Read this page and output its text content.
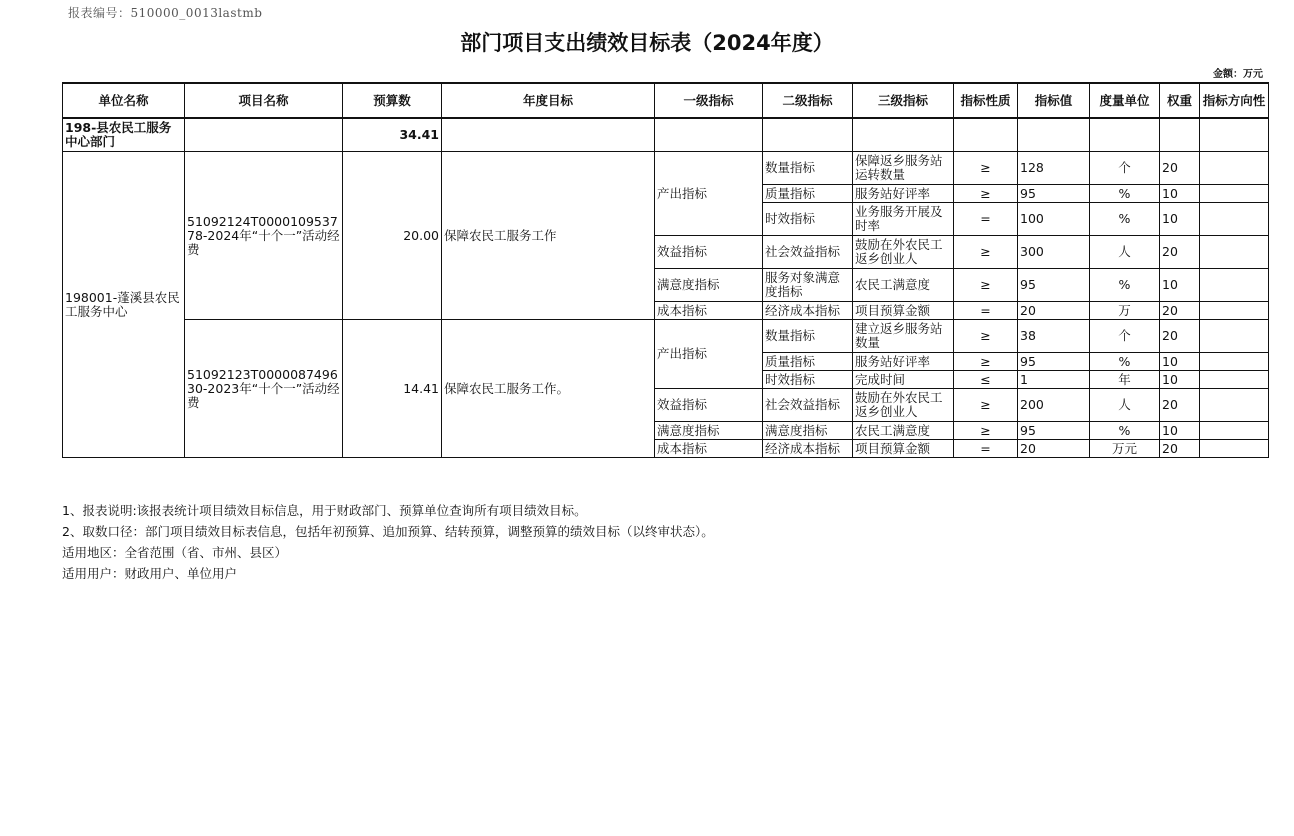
报表编号：510000_0013lastmb
部门项目支出绩效目标表（2024年度）
金额：万元
单位名称	项目名称	预算数	年度目标	一级指标	二级指标	三级指标	指标性质	指标值	度量单位	权重	指标方向性
198-县农民工服务中心部门		34.41									
198001-蓬溪县农民工服务中心	51092124T000010953778-2024年“十个一”活动经费	20.00	保障农民工服务工作	产出指标	数量指标	保障返乡服务站运转数量	≥	128	个	20	
					质量指标	服务站好评率	≥	95	%	10	
					时效指标	业务服务开展及时率	=	100	%	10	
				效益指标	社会效益指标	鼓励在外农民工返乡创业人	≥	300	人	20	
				满意度指标	服务对象满意度指标	农民工满意度	≥	95	%	10	
				成本指标	经济成本指标	项目预算金额	=	20	万	20	
	51092123T000008749630-2023年“十个一”活动经费	14.41	保障农民工服务工作。	产出指标	数量指标	建立返乡服务站数量	≥	38	个	20	
					质量指标	服务站好评率	≥	95	%	10	
					时效指标	完成时间	≤	1	年	10	
				效益指标	社会效益指标	鼓励在外农民工返乡创业人	≥	200	人	20	
				满意度指标	满意度指标	农民工满意度	≥	95	%	10	
				成本指标	经济成本指标	项目预算金额	=	20	万元	20	
1、报表说明:该报表统计项目绩效目标信息，用于财政部门、预算单位查询所有项目绩效目标。
2、取数口径：部门项目绩效目标表信息，包括年初预算、追加预算、结转预算，调整预算的绩效目标（以终审状态）。
适用地区：全省范围（省、市州、县区）
适用用户：财政用户、单位用户
